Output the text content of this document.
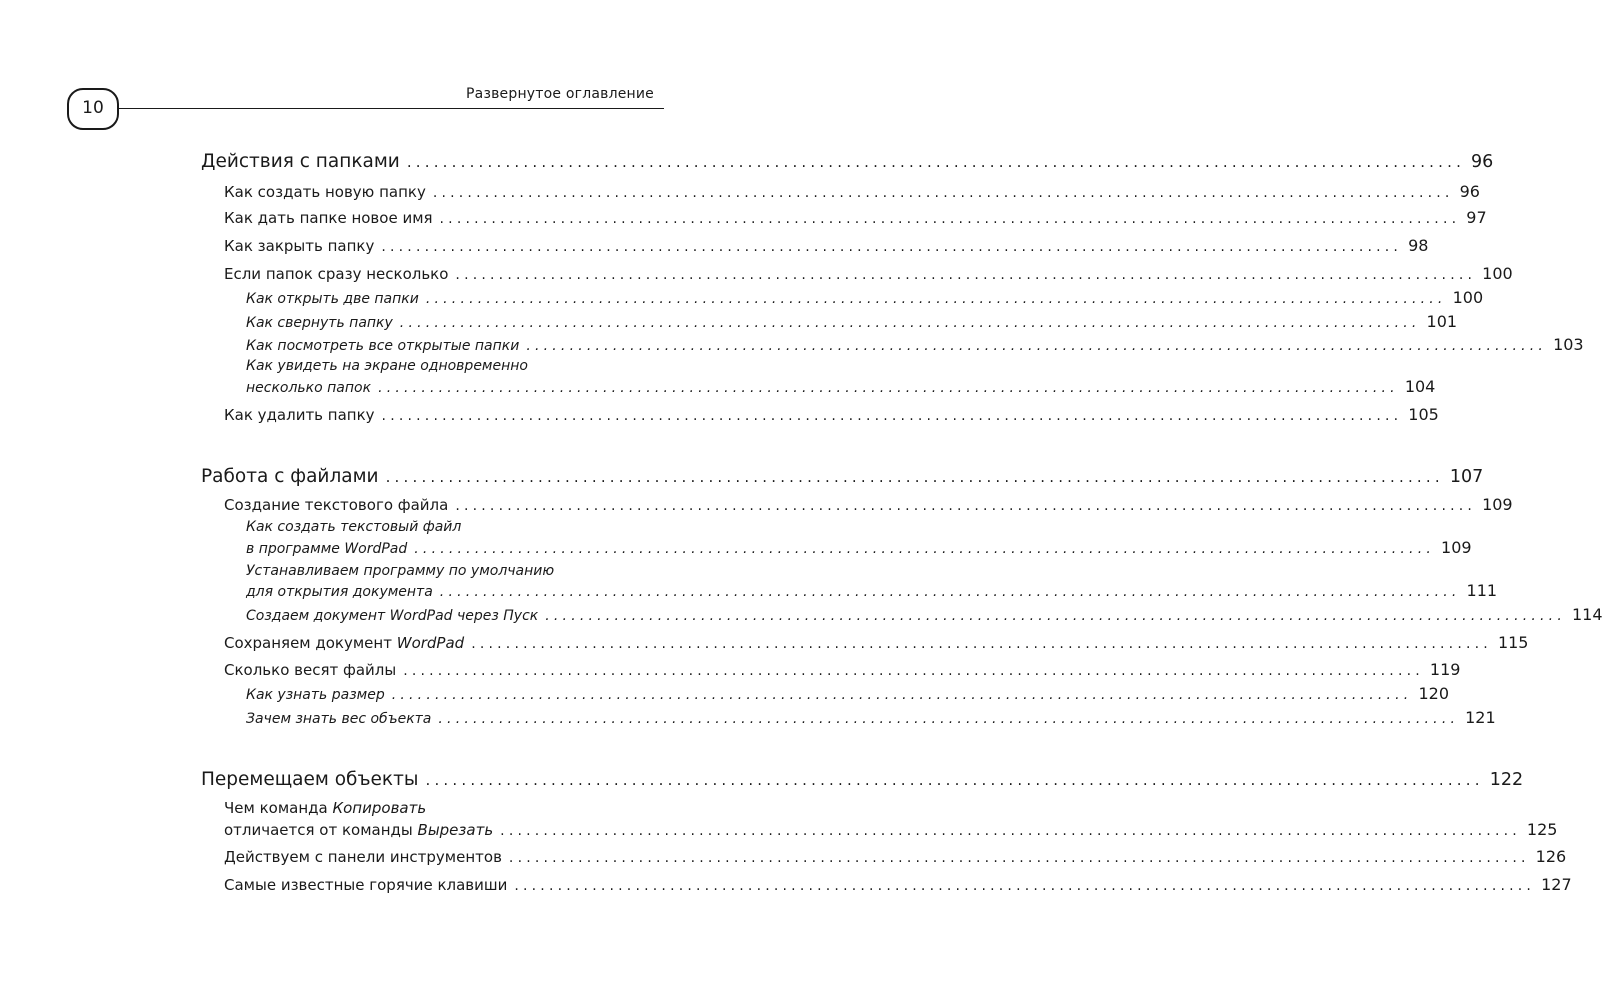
10
Развернутое оглавление
Действия с папками ...................................................................................................................... 96
Как создать новую папку ...................................................................................................................... 96
Как дать папке новое имя ...................................................................................................................... 97
Как закрыть папку ...................................................................................................................... 98
Если папок сразу несколько ...................................................................................................................... 100
Как открыть две папки ...................................................................................................................... 100
Как свернуть папку ...................................................................................................................... 101
Как посмотреть все открытые папки ...................................................................................................................... 103
Как увидеть на экране одновременно
несколько папок ...................................................................................................................... 104
Как удалить папку ...................................................................................................................... 105
Работа с файлами ...................................................................................................................... 107
Создание текстового файла ...................................................................................................................... 109
Как создать текстовый файл
в программе WordPad ...................................................................................................................... 109
Устанавливаем программу по умолчанию
для открытия документа ...................................................................................................................... 111
Создаем документ WordPad через Пуск ...................................................................................................................... 114
Сохраняем документ WordPad ...................................................................................................................... 115
Сколько весят файлы ...................................................................................................................... 119
Как узнать размер ...................................................................................................................... 120
Зачем знать вес объекта ...................................................................................................................... 121
Перемещаем объекты ...................................................................................................................... 122
Чем команда Копировать
отличается от команды Вырезать ...................................................................................................................... 125
Действуем с панели инструментов ...................................................................................................................... 126
Самые известные горячие клавиши ...................................................................................................................... 127
